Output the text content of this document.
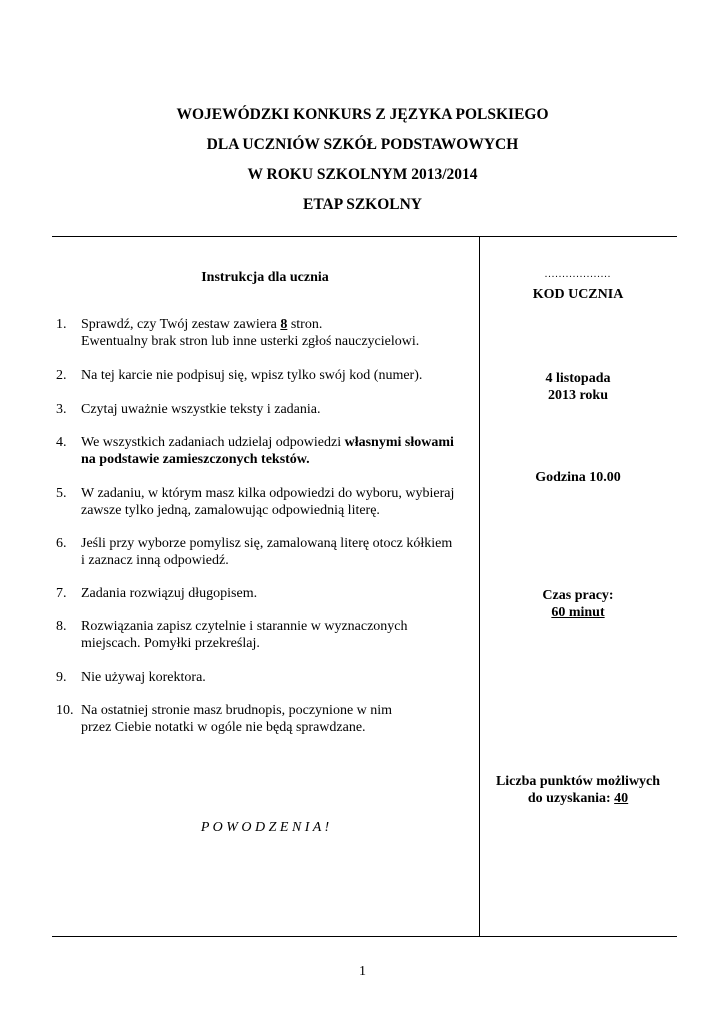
WOJEWÓDZKI KONKURS Z JĘZYKA POLSKIEGO
DLA UCZNIÓW SZKÓŁ PODSTAWOWYCH
W ROKU SZKOLNYM 2013/2014
ETAP SZKOLNY
Instrukcja dla ucznia
1.	Sprawdź, czy Twój zestaw zawiera 8 stron.
Ewentualny brak stron lub inne usterki zgłoś nauczycielowi.
2.	Na tej karcie nie podpisuj się, wpisz tylko swój kod (numer).
3.	Czytaj uważnie wszystkie teksty i zadania.
4.	We wszystkich zadaniach udzielaj odpowiedzi własnymi słowami
na podstawie zamieszczonych tekstów.
5.	W zadaniu, w którym masz kilka odpowiedzi do wyboru, wybieraj
zawsze tylko jedną, zamalowując odpowiednią literę.
6.	Jeśli przy wyborze pomylisz się, zamalowaną literę otocz kółkiem
i zaznacz inną odpowiedź.
7.	Zadania rozwiązuj długopisem.
8.	Rozwiązania zapisz czytelnie i starannie w wyznaczonych
miejscach. Pomyłki przekreślaj.
9.	Nie używaj korektora.
10. Na ostatniej stronie masz brudnopis, poczynione w nim
przez Ciebie notatki w ogóle nie będą sprawdzane.
P O W O D Z E N I A !
...................
KOD UCZNIA
4 listopada
2013 roku
Godzina 10.00
Czas pracy:
60 minut
Liczba punktów możliwych
do uzyskania: 40
1
